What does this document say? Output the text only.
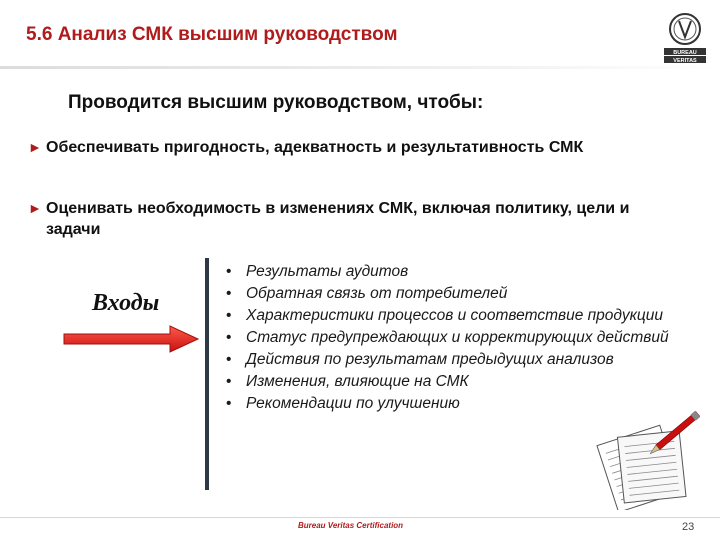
5.6 Анализ СМК высшим руководством
BUREAU
VERITAS
Проводится высшим руководством, чтобы:
► Обеспечивать пригодность, адекватность и результативность СМК
► Оценивать необходимость в изменениях СМК, включая политику, цели и задачи
Входы
• Результаты аудитов
• Обратная связь от потребителей
• Характеристики процессов и соответствие продукции
• Статус предупреждающих и корректирующих действий
• Действия по результатам предыдущих анализов
• Изменения, влияющие на СМК
• Рекомендации по улучшению
Bureau Veritas Certification	23
